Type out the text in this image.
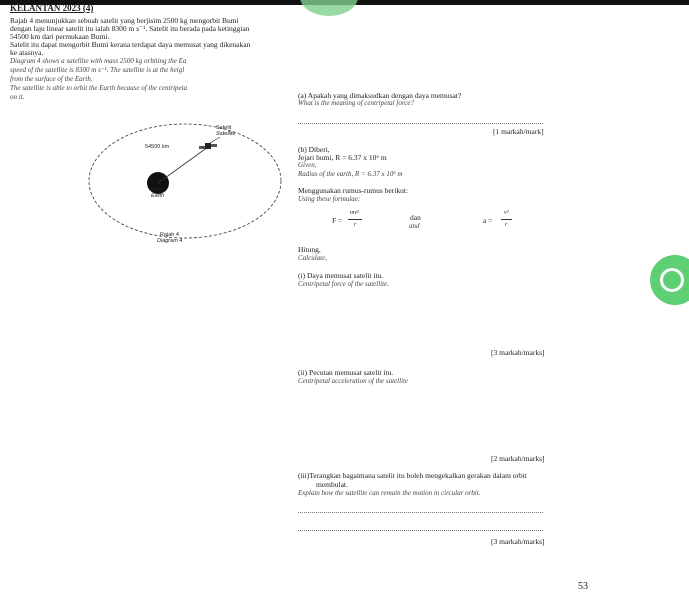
KELANTAN 2023 (4)
Rajah 4 menunjukkan sebuah satelit yang berjisim 2500 kg mengorbit Bumi
dengan laju linear satelit itu ialah 8300 m s⁻¹. Satelit itu berada pada ketinggian
54500 km dari permukaan Bumi.
Satelit itu dapat mengorbit Bumi kerana terdapat daya memusat yang dikenakan
ke atasnya.
Diagram 4 shows a satellite with mass 2500 kg orbiting the Ea
speed of the satellite is 8300 m s⁻¹. The satellite is at the heigl
from the surface of the Earth.
The satellite is able to orbit the Earth because of the centripeta
on it.
Satelit
Satellite
54500 km
Bumi
Earth
Rajah 4
Diagram 4
(a) Apakah yang dimaksudkan dengan daya memusat?
What is the meaning of centripetal force?
[1 markah/mark]
(b) Diberi,
Jejari bumi, R = 6.37 x 10⁶ m
Given,
Radius of the earth, R = 6.37 x 10⁶ m
Menggunakan rumus-rumus berikut:
Using these formulae:
F =
mv²
r
dan
and
a =
v²
r
Hitung,
Calculate,
(i) Daya memusat satelit itu.
Centripetal force of the satellite.
[3 markah/marks]
(ii) Pecutan memusat satelit itu.
Centripetal acceleration of the satellite
[2 markah/marks]
(iii)Terangkan bagaimana satelit itu boleh mengekalkan gerakan dalam orbit
membulat.
Explain how the satellite can remain the motion in circular orbit.
[3 markah/marks]
53
